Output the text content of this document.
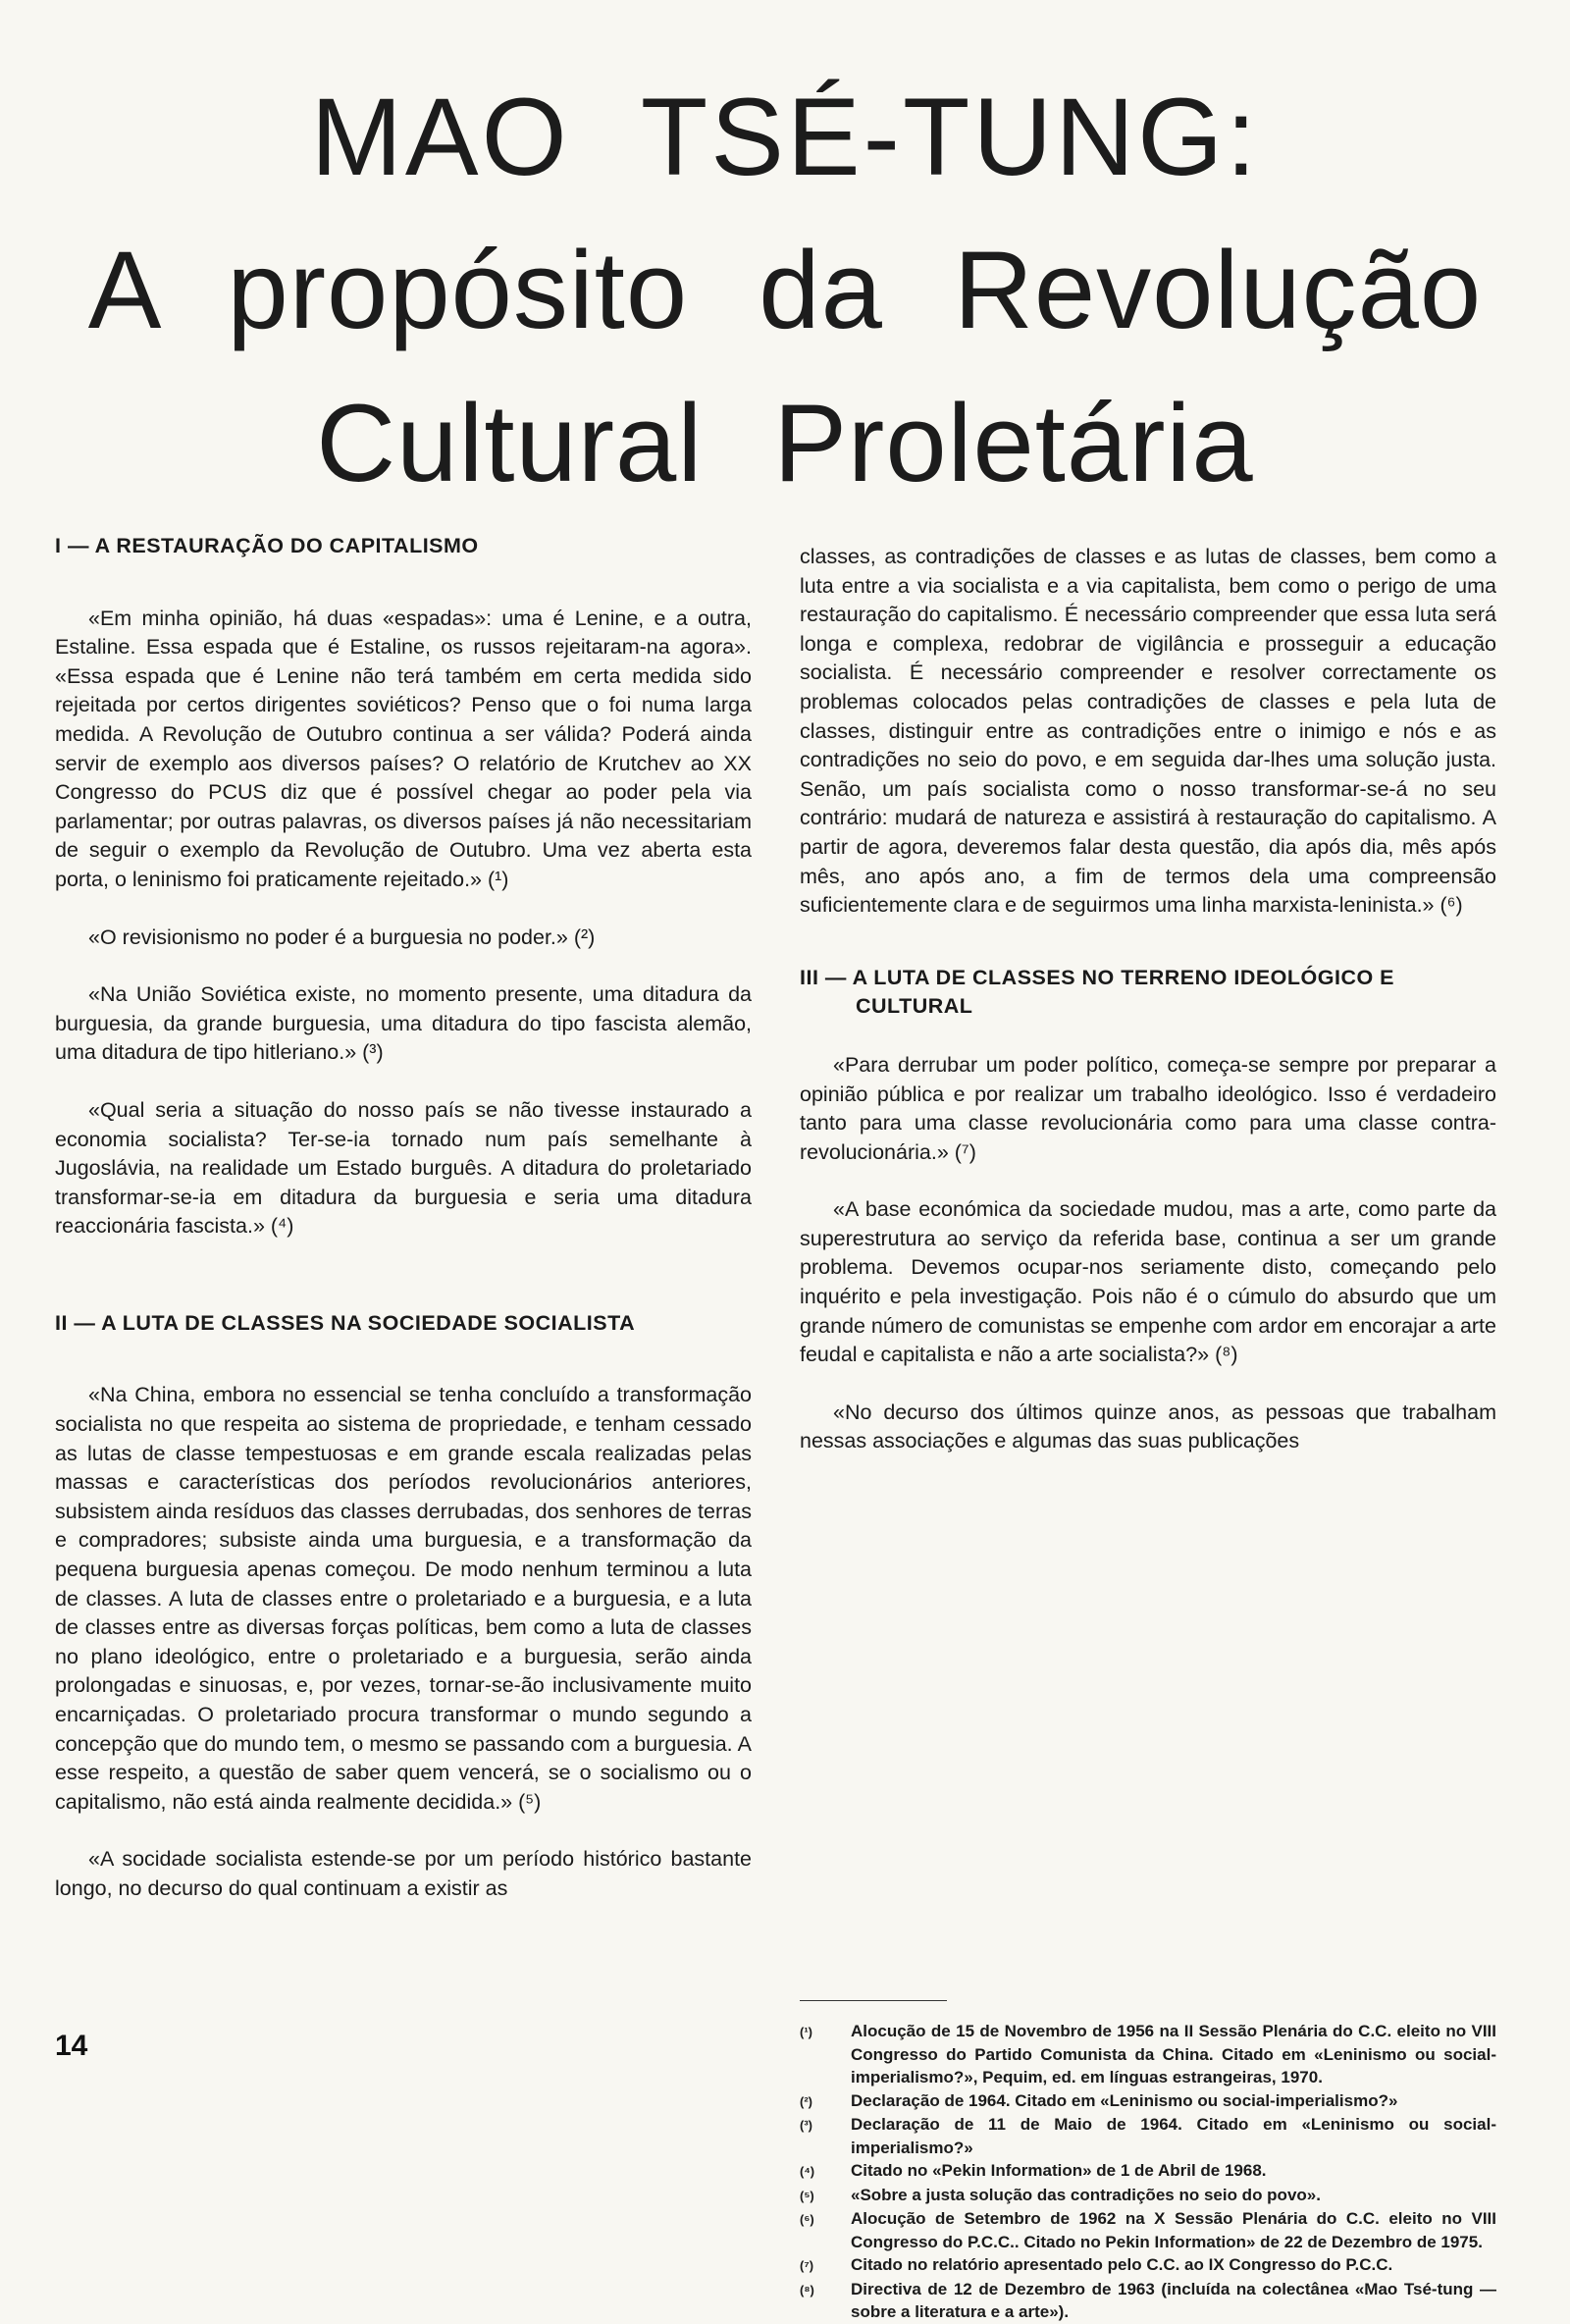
MAO TSÉ-TUNG:
A propósito da Revolução
Cultural Proletária
I — A RESTAURAÇÃO DO CAPITALISMO

«Em minha opinião, há duas «espadas»: uma é Lenine, e a outra, Estaline. Essa espada que é Estaline, os russos rejeitaram-na agora». «Essa espada que é Lenine não terá também em certa medida sido rejeitada por certos dirigentes soviéticos? Penso que o foi numa larga medida. A Revolução de Outubro continua a ser válida? Poderá ainda servir de exemplo aos diversos países? O relatório de Krutchev ao XX Congresso do PCUS diz que é possível chegar ao poder pela via parlamentar; por outras palavras, os diversos países já não necessitariam de seguir o exemplo da Revolução de Outubro. Uma vez aberta esta porta, o leninismo foi praticamente rejeitado.» (¹)

«O revisionismo no poder é a burguesia no poder.» (²)

«Na União Soviética existe, no momento presente, uma ditadura da burguesia, da grande burguesia, uma ditadura do tipo fascista alemão, uma ditadura de tipo hitleriano.» (³)

«Qual seria a situação do nosso país se não tivesse instaurado a economia socialista? Ter-se-ia tornado num país semelhante à Jugoslávia, na realidade um Estado burguês. A ditadura do proletariado transformar-se-ia em ditadura da burguesia e seria uma ditadura reaccionária fascista.» (⁴)

II — A LUTA DE CLASSES NA SOCIEDADE SOCIALISTA

«Na China, embora no essencial se tenha concluído a transformação socialista no que respeita ao sistema de propriedade, e tenham cessado as lutas de classe tempestuosas e em grande escala realizadas pelas massas e características dos períodos revolucionários anteriores, subsistem ainda resíduos das classes derrubadas, dos senhores de terras e compradores; subsiste ainda uma burguesia, e a transformação da pequena burguesia apenas começou. De modo nenhum terminou a luta de classes. A luta de classes entre o proletariado e a burguesia, e a luta de classes entre as diversas forças políticas, bem como a luta de classes no plano ideológico, entre o proletariado e a burguesia, serão ainda prolongadas e sinuosas, e, por vezes, tornar-se-ão inclusivamente muito encarniçadas. O proletariado procura transformar o mundo segundo a concepção que do mundo tem, o mesmo se passando com a burguesia. A esse respeito, a questão de saber quem vencerá, se o socialismo ou o capitalismo, não está ainda realmente decidida.» (⁵)

«A socidade socialista estende-se por um período histórico bastante longo, no decurso do qual continuam a existir as

classes, as contradições de classes e as lutas de classes, bem como a luta entre a via socialista e a via capitalista, bem como o perigo de uma restauração do capitalismo. É necessário compreender que essa luta será longa e complexa, redobrar de vigilância e prosseguir a educação socialista. É necessário compreender e resolver correctamente os problemas colocados pelas contradições de classes e pela luta de classes, distinguir entre as contradições entre o inimigo e nós e as contradições no seio do povo, e em seguida dar-lhes uma solução justa. Senão, um país socialista como o nosso transformar-se-á no seu contrário: mudará de natureza e assistirá à restauração do capitalismo. A partir de agora, deveremos falar desta questão, dia após dia, mês após mês, ano após ano, a fim de termos dela uma compreensão suficientemente clara e de seguirmos uma linha marxista-leninista.» (⁶)

III — A LUTA DE CLASSES NO TERRENO IDEOLÓGICO E CULTURAL

«Para derrubar um poder político, começa-se sempre por preparar a opinião pública e por realizar um trabalho ideológico. Isso é verdadeiro tanto para uma classe revolucionária como para uma classe contra-revolucionária.» (⁷)

«A base económica da sociedade mudou, mas a arte, como parte da superestrutura ao serviço da referida base, continua a ser um grande problema. Devemos ocupar-nos seriamente disto, começando pelo inquérito e pela investigação. Pois não é o cúmulo do absurdo que um grande número de comunistas se empenhe com ardor em encorajar a arte feudal e capitalista e não a arte socialista?» (⁸)

«No decurso dos últimos quinze anos, as pessoas que trabalham nessas associações e algumas das suas publicações

(¹)	Alocução de 15 de Novembro de 1956 na II Sessão Plenária do C.C. eleito no VIII Congresso do Partido Comunista da China. Citado em «Leninismo ou social-imperialismo?», Pequim, ed. em línguas estrangeiras, 1970.
(²)	Declaração de 1964. Citado em «Leninismo ou social-imperialismo?»
(³)	Declaração de 11 de Maio de 1964. Citado em «Leninismo ou social-imperialismo?»
(⁴)	Citado no «Pekin Information» de 1 de Abril de 1968.
(⁵)	«Sobre a justa solução das contradições no seio do povo».
(⁶)	Alocução de Setembro de 1962 na X Sessão Plenária do C.C. eleito no VIII Congresso do P.C.C.. Citado no Pekin Information» de 22 de Dezembro de 1975.
(⁷)	Citado no relatório apresentado pelo C.C. ao IX Congresso do P.C.C.
(⁸)	Directiva de 12 de Dezembro de 1963 (incluída na colectânea «Mao Tsé-tung — sobre a literatura e a arte»).
14
